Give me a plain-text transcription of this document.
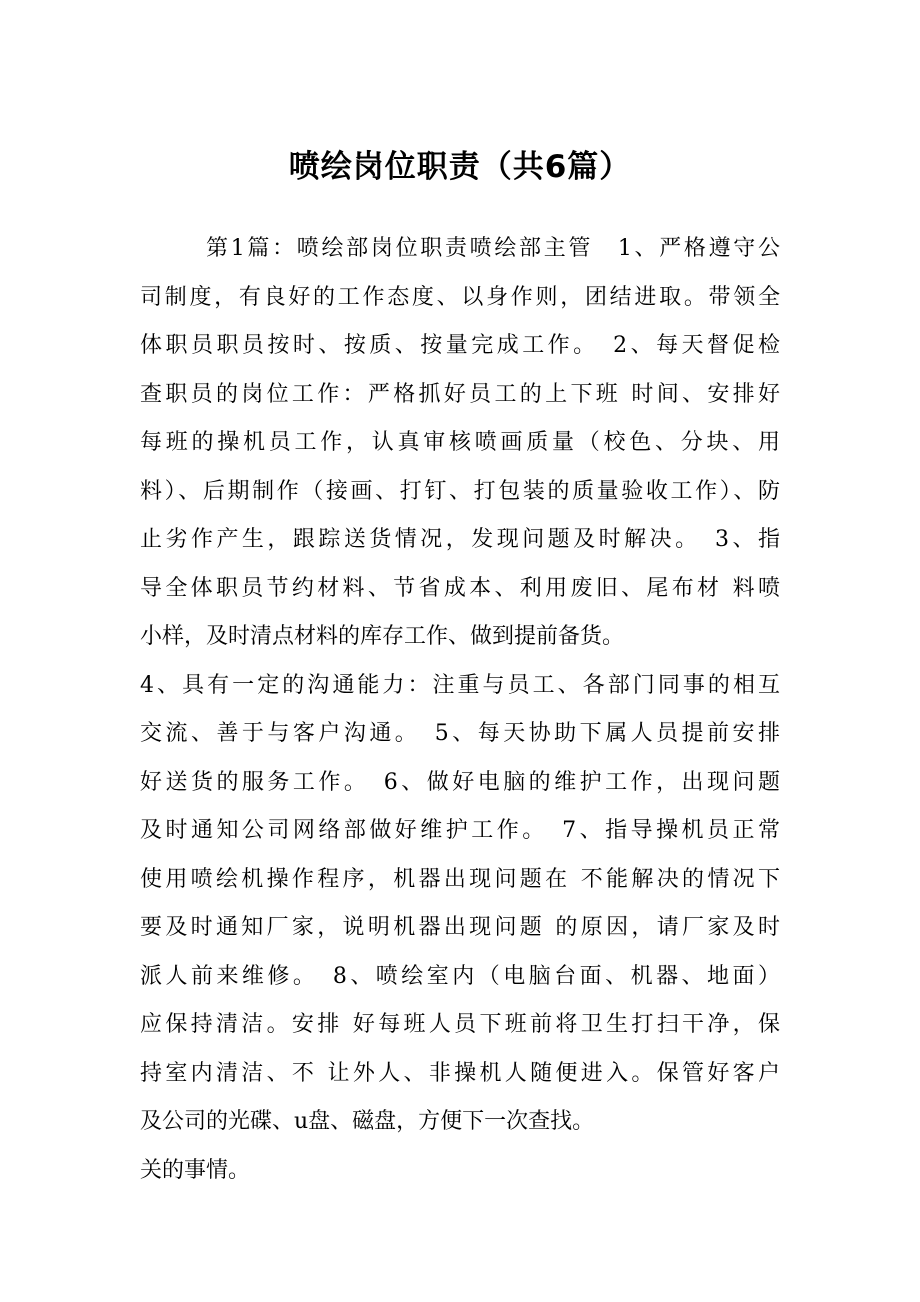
喷绘岗位职责（共6篇）
第1篇：喷绘部岗位职责喷绘部主管　1、严格遵守公
司制度，有良好的工作态度、以身作则，团结进取。带领全
体职员职员按时、按质、按量完成工作。　2、每天督促检
查职员的岗位工作：严格抓好员工的上下班 时间、安排好
每班的操机员工作，认真审核喷画质量（校色、分块、用
料）、后期制作（接画、打钉、打包装的质量验收工作）、防
止劣作产生，跟踪送货情况，发现问题及时解决。　3、指
导全体职员节约材料、节省成本、利用废旧、尾布材 料喷
小样，及时清点材料的库存工作、做到提前备货。
4、具有一定的沟通能力：注重与员工、各部门同事的相互
交流、善于与客户沟通。　5、每天协助下属人员提前安排
好送货的服务工作。　6、做好电脑的维护工作，出现问题
及时通知公司网络部做好维护工作。　7、指导操机员正常
使用喷绘机操作程序，机器出现问题在 不能解决的情况下
要及时通知厂家，说明机器出现问题 的原因，请厂家及时
派人前来维修。　8、喷绘室内（电脑台面、机器、地面）
应保持清洁。安排 好每班人员下班前将卫生打扫干净，保
持室内清洁、不 让外人、非操机人随便进入。保管好客户
及公司的光碟、u盘、磁盘，方便下一次查找。
关的事情。
